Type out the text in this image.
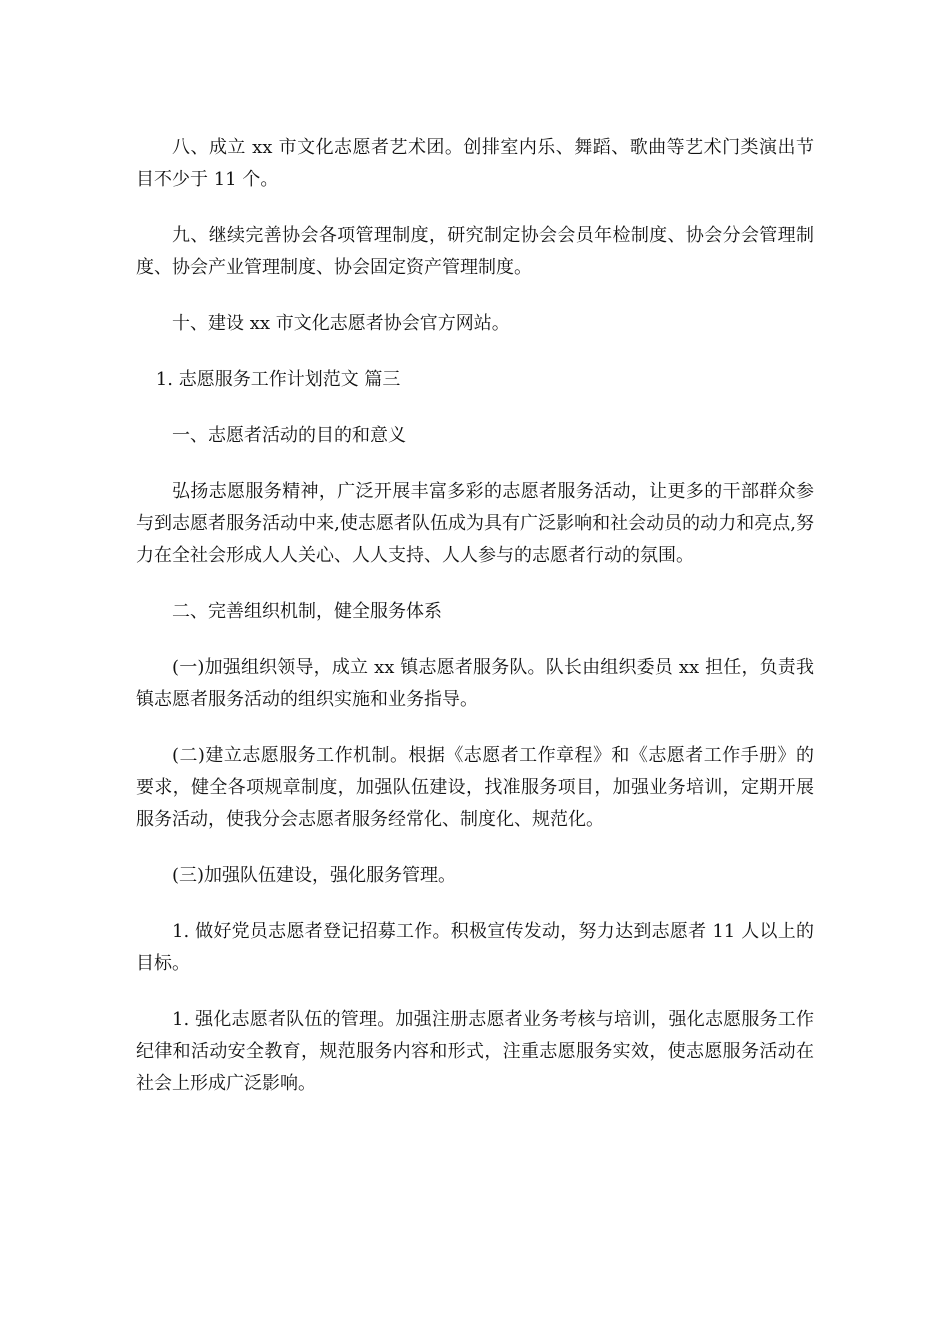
八、成立 xx 市文化志愿者艺术团。创排室内乐、舞蹈、歌曲等艺术门类演出节目不少于 11 个。

九、继续完善协会各项管理制度，研究制定协会会员年检制度、协会分会管理制度、协会产业管理制度、协会固定资产管理制度。

十、建设 xx 市文化志愿者协会官方网站。

1. 志愿服务工作计划范文 篇三

一、志愿者活动的目的和意义

弘扬志愿服务精神，广泛开展丰富多彩的志愿者服务活动，让更多的干部群众参与到志愿者服务活动中来,使志愿者队伍成为具有广泛影响和社会动员的动力和亮点,努力在全社会形成人人关心、人人支持、人人参与的志愿者行动的氛围。

二、完善组织机制，健全服务体系

(一)加强组织领导，成立 xx 镇志愿者服务队。队长由组织委员 xx 担任，负责我镇志愿者服务活动的组织实施和业务指导。

(二)建立志愿服务工作机制。根据《志愿者工作章程》和《志愿者工作手册》的要求，健全各项规章制度，加强队伍建设，找准服务项目，加强业务培训，定期开展服务活动，使我分会志愿者服务经常化、制度化、规范化。

(三)加强队伍建设，强化服务管理。

1. 做好党员志愿者登记招募工作。积极宣传发动，努力达到志愿者 11 人以上的目标。

1. 强化志愿者队伍的管理。加强注册志愿者业务考核与培训，强化志愿服务工作纪律和活动安全教育，规范服务内容和形式，注重志愿服务实效，使志愿服务活动在社会上形成广泛影响。
